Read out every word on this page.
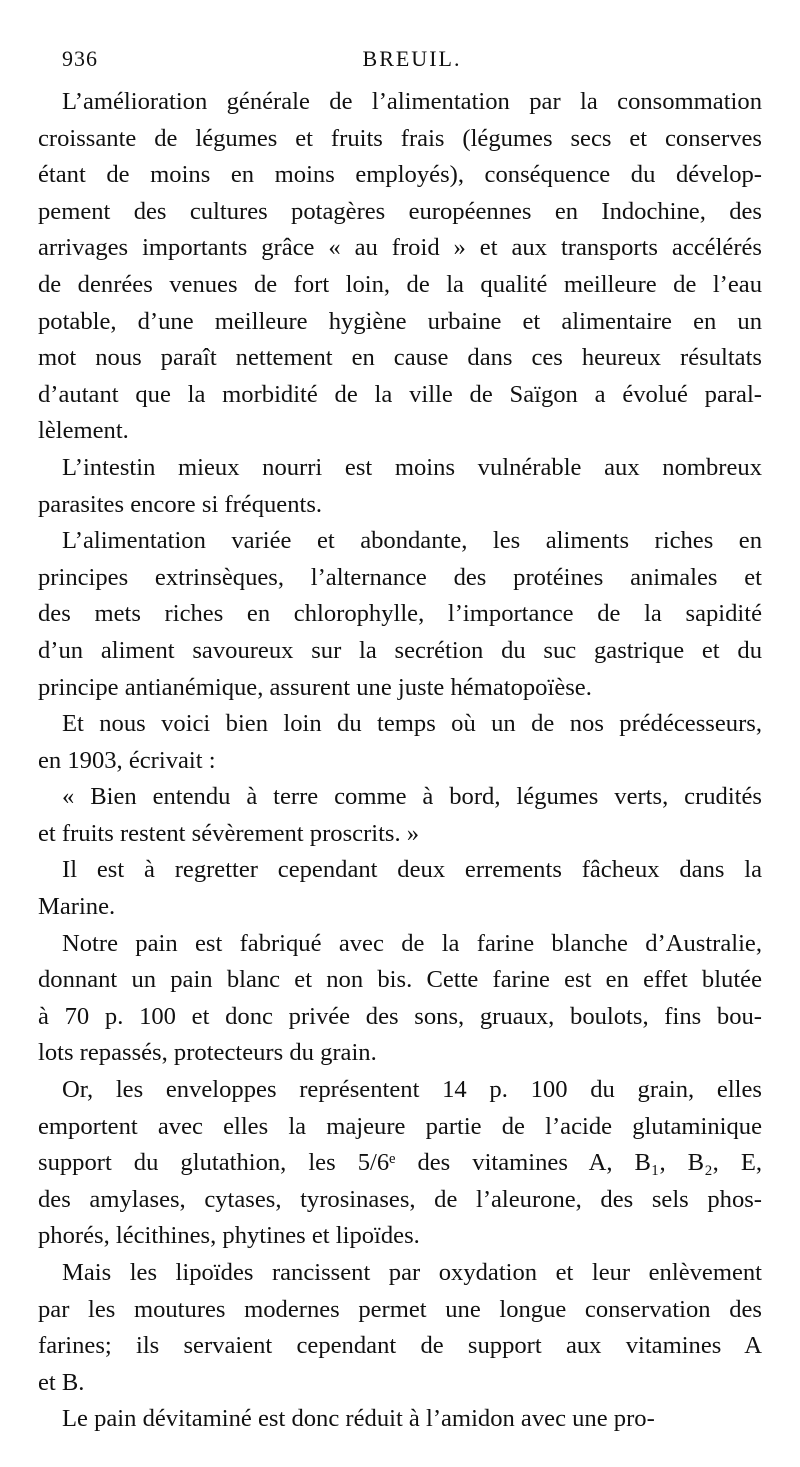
936	BREUIL.

L’amélioration générale de l’alimentation par la consommation
croissante de légumes et fruits frais (légumes secs et conserves
étant de moins en moins employés), conséquence du dévelop-
pement des cultures potagères européennes en Indochine, des
arrivages importants grâce « au froid » et aux transports accélérés
de denrées venues de fort loin, de la qualité meilleure de l’eau
potable, d’une meilleure hygiène urbaine et alimentaire en un
mot nous paraît nettement en cause dans ces heureux résultats
d’autant que la morbidité de la ville de Saïgon a évolué paral-
lèlement.

L’intestin mieux nourri est moins vulnérable aux nombreux
parasites encore si fréquents.

L’alimentation variée et abondante, les aliments riches en
principes extrinsèques, l’alternance des protéines animales et
des mets riches en chlorophylle, l’importance de la sapidité
d’un aliment savoureux sur la secrétion du suc gastrique et du
principe antianémique, assurent une juste hématopoïèse.

Et nous voici bien loin du temps où un de nos prédécesseurs,
en 1903, écrivait :

« Bien entendu à terre comme à bord, légumes verts, crudités
et fruits restent sévèrement proscrits. »

Il est à regretter cependant deux errements fâcheux dans la
Marine.

Notre pain est fabriqué avec de la farine blanche d’Australie,
donnant un pain blanc et non bis. Cette farine est en effet blutée
à 70 p. 100 et donc privée des sons, gruaux, boulots, fins bou-
lots repassés, protecteurs du grain.

Or, les enveloppes représentent 14 p. 100 du grain, elles
emportent avec elles la majeure partie de l’acide glutaminique
support du glutathion, les 5/6ᵉ des vitamines A, B₁, B₂, E,
des amylases, cytases, tyrosinases, de l’aleurone, des sels phos-
phorés, lécithines, phytines et lipoïdes.

Mais les lipoïdes rancissent par oxydation et leur enlèvement
par les moutures modernes permet une longue conservation des
farines; ils servaient cependant de support aux vitamines A
et B.

Le pain dévitaminé est donc réduit à l’amidon avec une pro-
